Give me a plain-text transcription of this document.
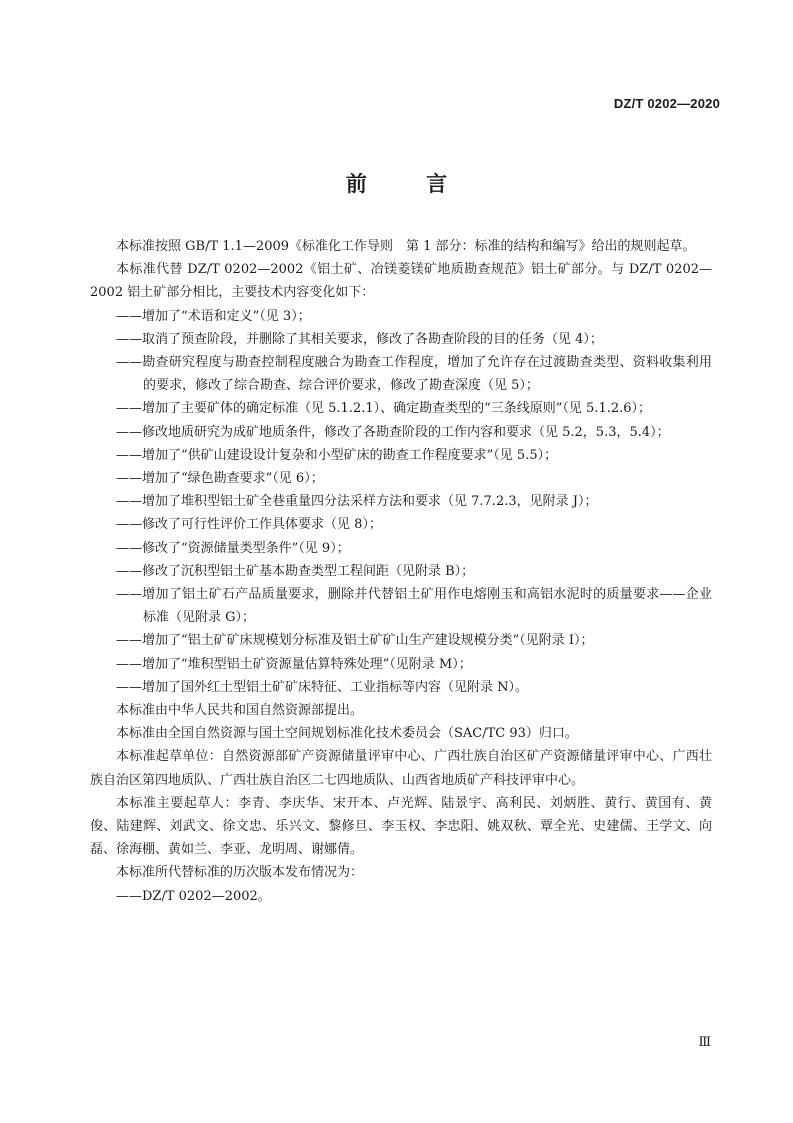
DZ/T 0202—2020
前 言

本标准按照 GB/T 1.1—2009《标准化工作导则　第 1 部分：标准的结构和编写》给出的规则起草。

本标准代替 DZ/T 0202—2002《铝土矿、冶镁菱镁矿地质勘查规范》铝土矿部分。与 DZ/T 0202—2002 铝土矿部分相比，主要技术内容变化如下：

——增加了“术语和定义”（见 3）；

——取消了预查阶段，并删除了其相关要求，修改了各勘查阶段的目的任务（见 4）；

——勘查研究程度与勘查控制程度融合为勘查工作程度，增加了允许存在过渡勘查类型、资料收集利用的要求，修改了综合勘查、综合评价要求，修改了勘查深度（见 5）；

——增加了主要矿体的确定标准（见 5.1.2.1）、确定勘查类型的“三条线原则”（见 5.1.2.6）；

——修改地质研究为成矿地质条件，修改了各勘查阶段的工作内容和要求（见 5.2，5.3，5.4）；

——增加了“供矿山建设设计复杂和小型矿床的勘查工作程度要求”（见 5.5）；

——增加了“绿色勘查要求”（见 6）；

——增加了堆积型铝土矿全巷重量四分法采样方法和要求（见 7.7.2.3，见附录 J）；

——修改了可行性评价工作具体要求（见 8）；

——修改了“资源储量类型条件”（见 9）；

——修改了沉积型铝土矿基本勘查类型工程间距（见附录 B）；

——增加了铝土矿石产品质量要求，删除并代替铝土矿用作电熔刚玉和高铝水泥时的质量要求——企业标准（见附录 G）；

——增加了“铝土矿矿床规模划分标准及铝土矿矿山生产建设规模分类”（见附录 I）；

——增加了“堆积型铝土矿资源量估算特殊处理”（见附录 M）；

——增加了国外红土型铝土矿矿床特征、工业指标等内容（见附录 N）。

本标准由中华人民共和国自然资源部提出。

本标准由全国自然资源与国土空间规划标准化技术委员会（SAC/TC 93）归口。

本标准起草单位：自然资源部矿产资源储量评审中心、广西壮族自治区矿产资源储量评审中心、广西壮族自治区第四地质队、广西壮族自治区二七四地质队、山西省地质矿产科技评审中心。

本标准主要起草人：李青、李庆华、宋开本、卢光辉、陆景宇、高利民、刘炳胜、黄行、黄国有、黄俊、陆建辉、刘武文、徐文忠、乐兴文、黎修旦、李玉权、李忠阳、姚双秋、覃全光、史建儒、王学文、向磊、徐海棚、黄如兰、李亚、龙明周、谢娜倩。

本标准所代替标准的历次版本发布情况为：

——DZ/T 0202—2002。

Ⅲ
